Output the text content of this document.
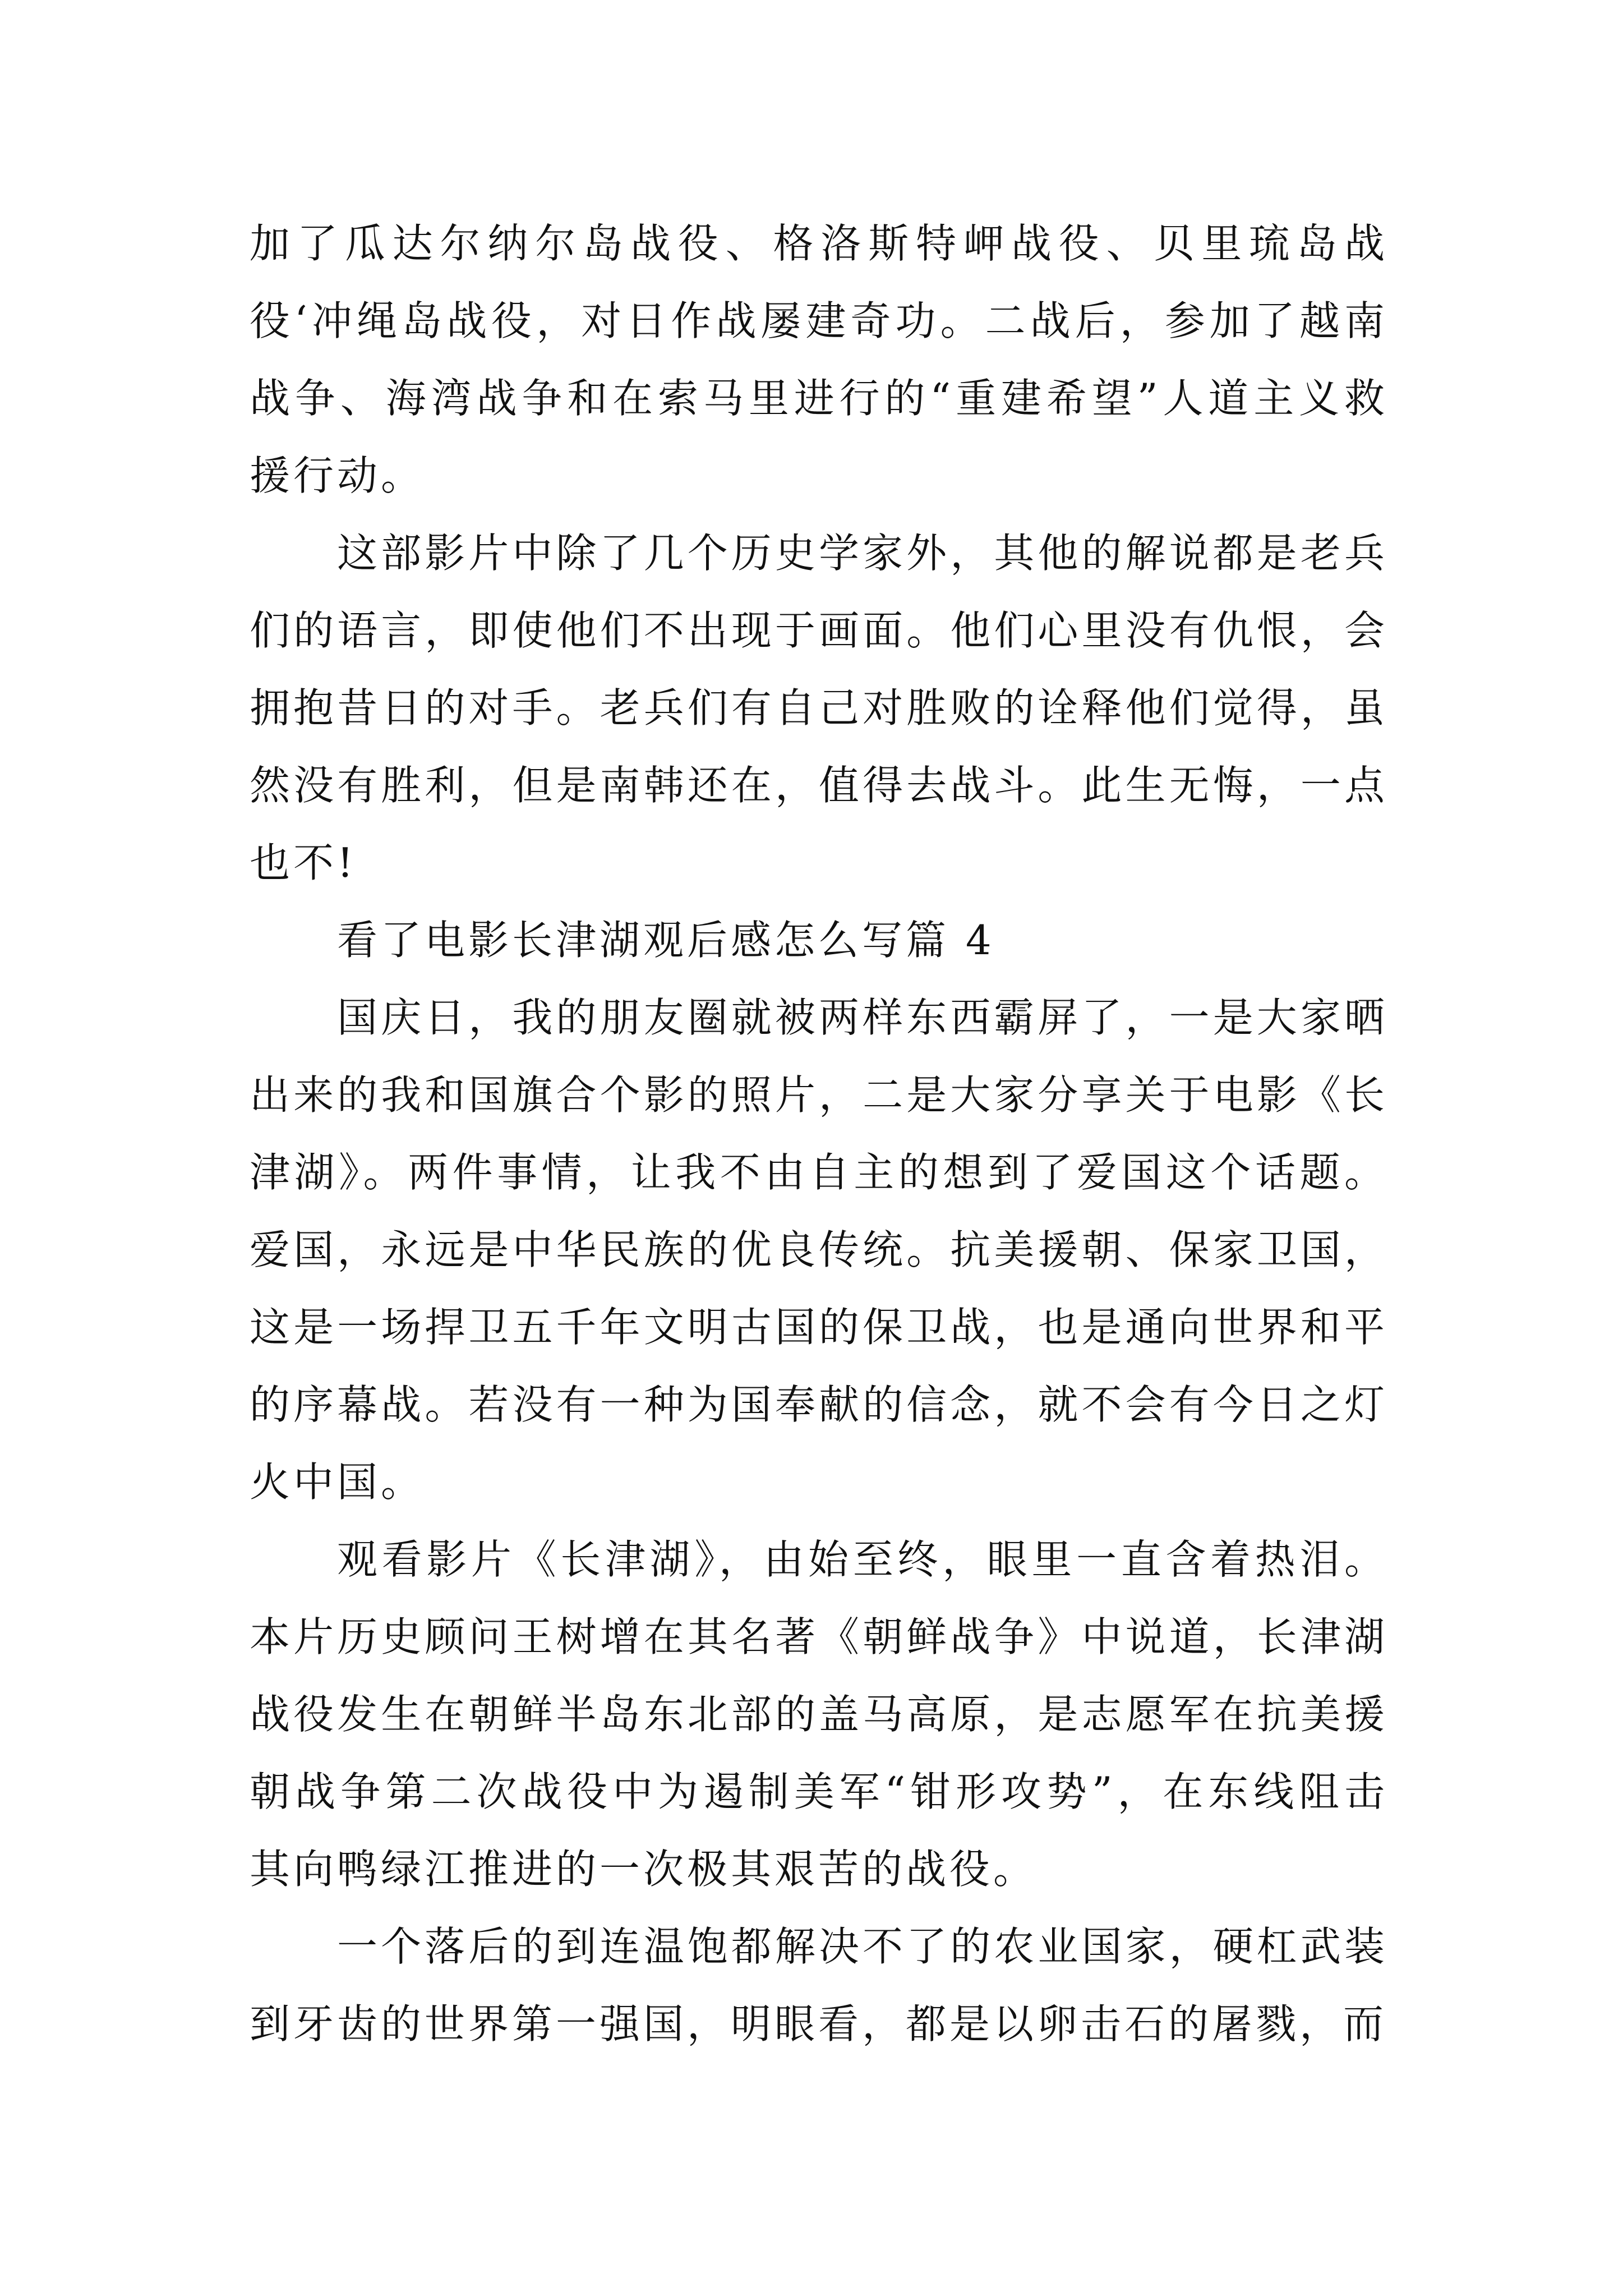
加了瓜达尔纳尔岛战役、格洛斯特岬战役、贝里琉岛战役‘冲绳岛战役，对日作战屡建奇功。二战后，参加了越南战争、海湾战争和在索马里进行的“重建希望”人道主义救援行动。

这部影片中除了几个历史学家外，其他的解说都是老兵们的语言，即使他们不出现于画面。他们心里没有仇恨，会拥抱昔日的对手。老兵们有自己对胜败的诠释他们觉得，虽然没有胜利，但是南韩还在，值得去战斗。此生无悔，一点也不!

看了电影长津湖观后感怎么写篇 4

国庆日，我的朋友圈就被两样东西霸屏了，一是大家晒出来的我和国旗合个影的照片，二是大家分享关于电影《长津湖》。两件事情，让我不由自主的想到了爱国这个话题。爱国，永远是中华民族的优良传统。抗美援朝、保家卫国，这是一场捍卫五千年文明古国的保卫战，也是通向世界和平的序幕战。若没有一种为国奉献的信念，就不会有今日之灯火中国。

观看影片《长津湖》，由始至终，眼里一直含着热泪。本片历史顾问王树增在其名著《朝鲜战争》中说道，长津湖战役发生在朝鲜半岛东北部的盖马高原，是志愿军在抗美援朝战争第二次战役中为遏制美军“钳形攻势”，在东线阻击其向鸭绿江推进的一次极其艰苦的战役。

一个落后的到连温饱都解决不了的农业国家，硬杠武装到牙齿的世界第一强国，明眼看，都是以卵击石的屠戮，而
